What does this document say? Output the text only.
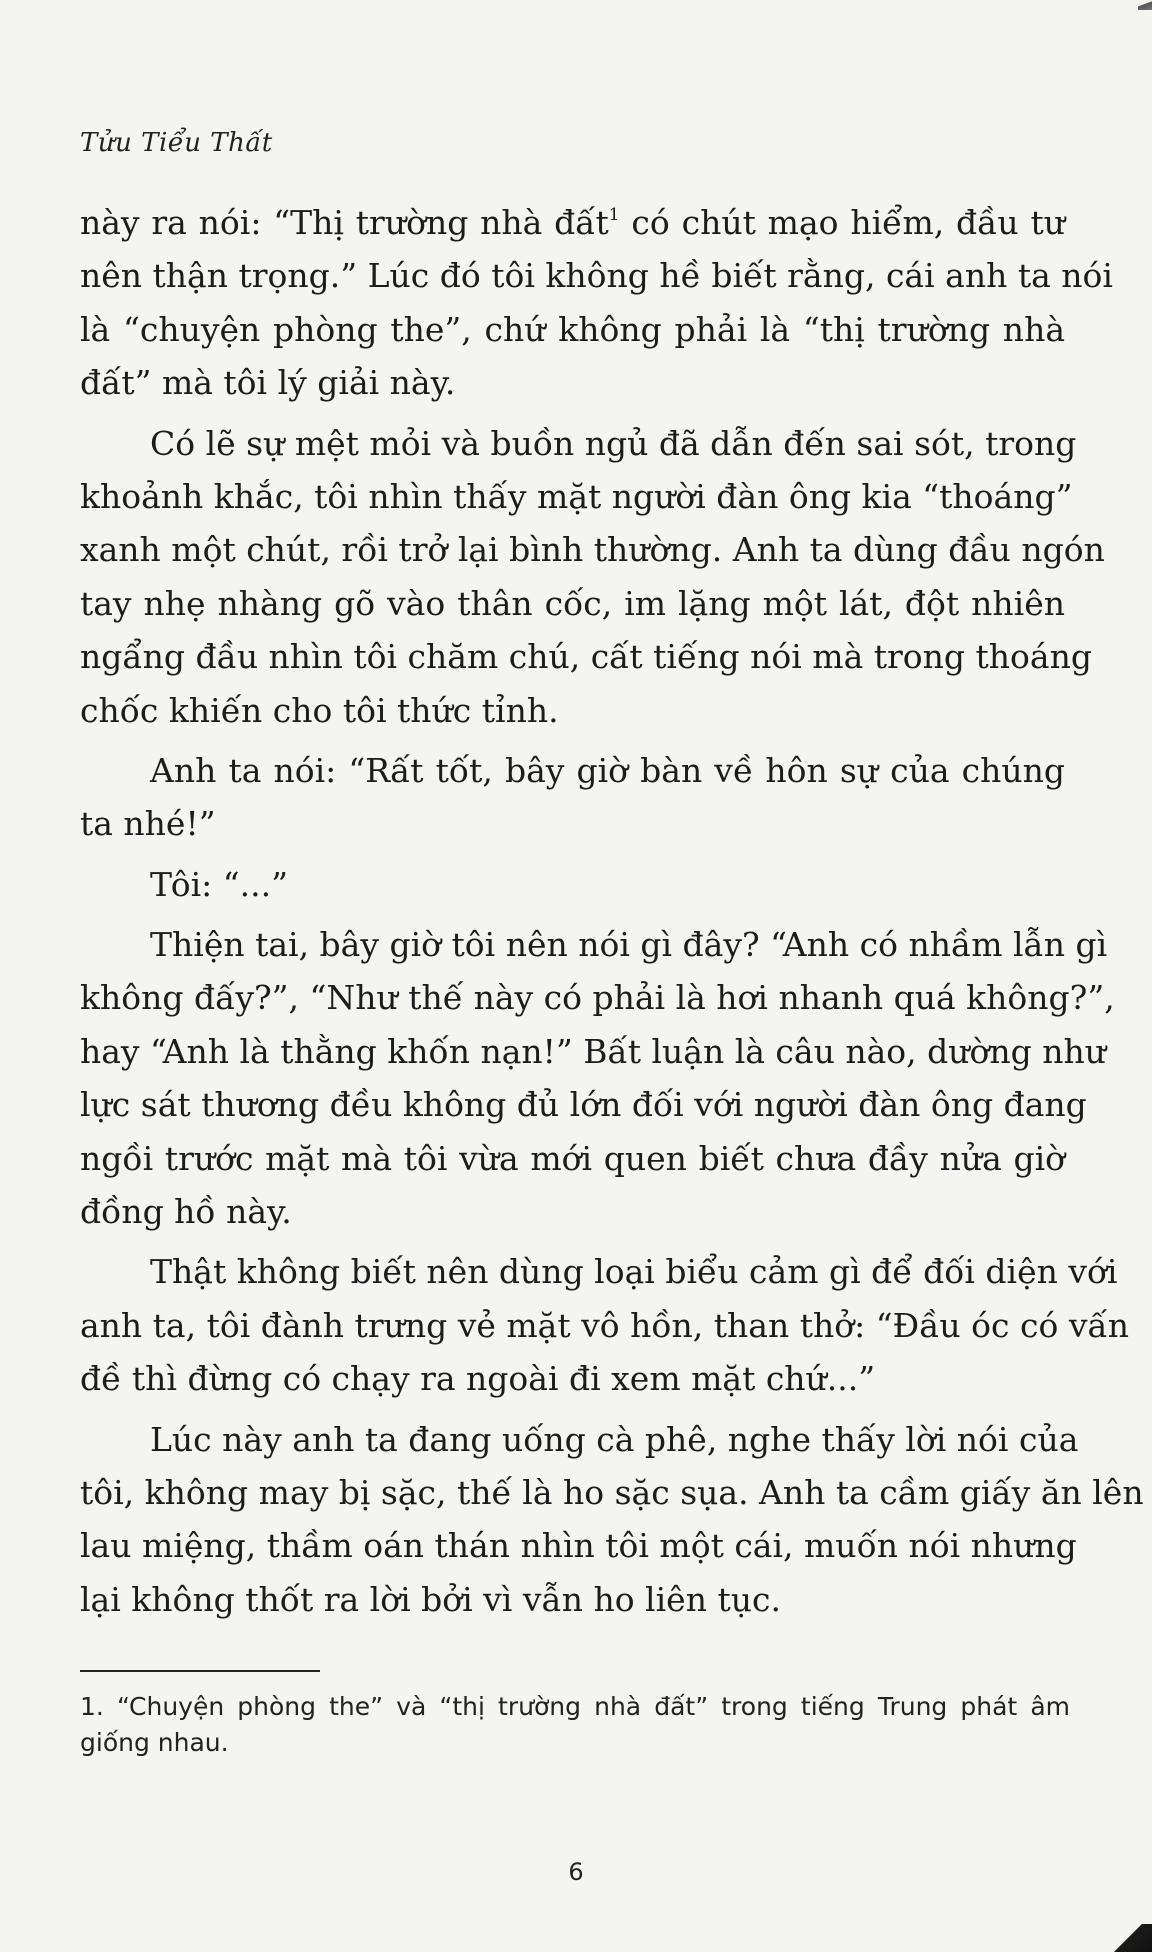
Tửu Tiểu Thất
này ra nói: “Thị trường nhà đất$^1$ có chút mạo hiểm, đầu tư
nên thận trọng.” Lúc đó tôi không hề biết rằng, cái anh ta nói
là “chuyện phòng the”, chứ không phải là “thị trường nhà
đất” mà tôi lý giải này.
Có lẽ sự mệt mỏi và buồn ngủ đã dẫn đến sai sót, trong
khoảnh khắc, tôi nhìn thấy mặt người đàn ông kia “thoáng”
xanh một chút, rồi trở lại bình thường. Anh ta dùng đầu ngón
tay nhẹ nhàng gõ vào thân cốc, im lặng một lát, đột nhiên
ngẩng đầu nhìn tôi chăm chú, cất tiếng nói mà trong thoáng
chốc khiến cho tôi thức tỉnh.
Anh ta nói: “Rất tốt, bây giờ bàn về hôn sự của chúng
ta nhé!”
Tôi: “...”
Thiện tai, bây giờ tôi nên nói gì đây? “Anh có nhầm lẫn gì
không đấy?”, “Như thế này có phải là hơi nhanh quá không?”,
hay “Anh là thằng khốn nạn!” Bất luận là câu nào, dường như
lực sát thương đều không đủ lớn đối với người đàn ông đang
ngồi trước mặt mà tôi vừa mới quen biết chưa đầy nửa giờ
đồng hồ này.
Thật không biết nên dùng loại biểu cảm gì để đối diện với
anh ta, tôi đành trưng vẻ mặt vô hồn, than thở: “Đầu óc có vấn
đề thì đừng có chạy ra ngoài đi xem mặt chứ...”
Lúc này anh ta đang uống cà phê, nghe thấy lời nói của
tôi, không may bị sặc, thế là ho sặc sụa. Anh ta cầm giấy ăn lên
lau miệng, thầm oán thán nhìn tôi một cái, muốn nói nhưng
lại không thốt ra lời bởi vì vẫn ho liên tục.
1. “Chuyện phòng the” và “thị trường nhà đất” trong tiếng Trung phát âm
giống nhau.
6
